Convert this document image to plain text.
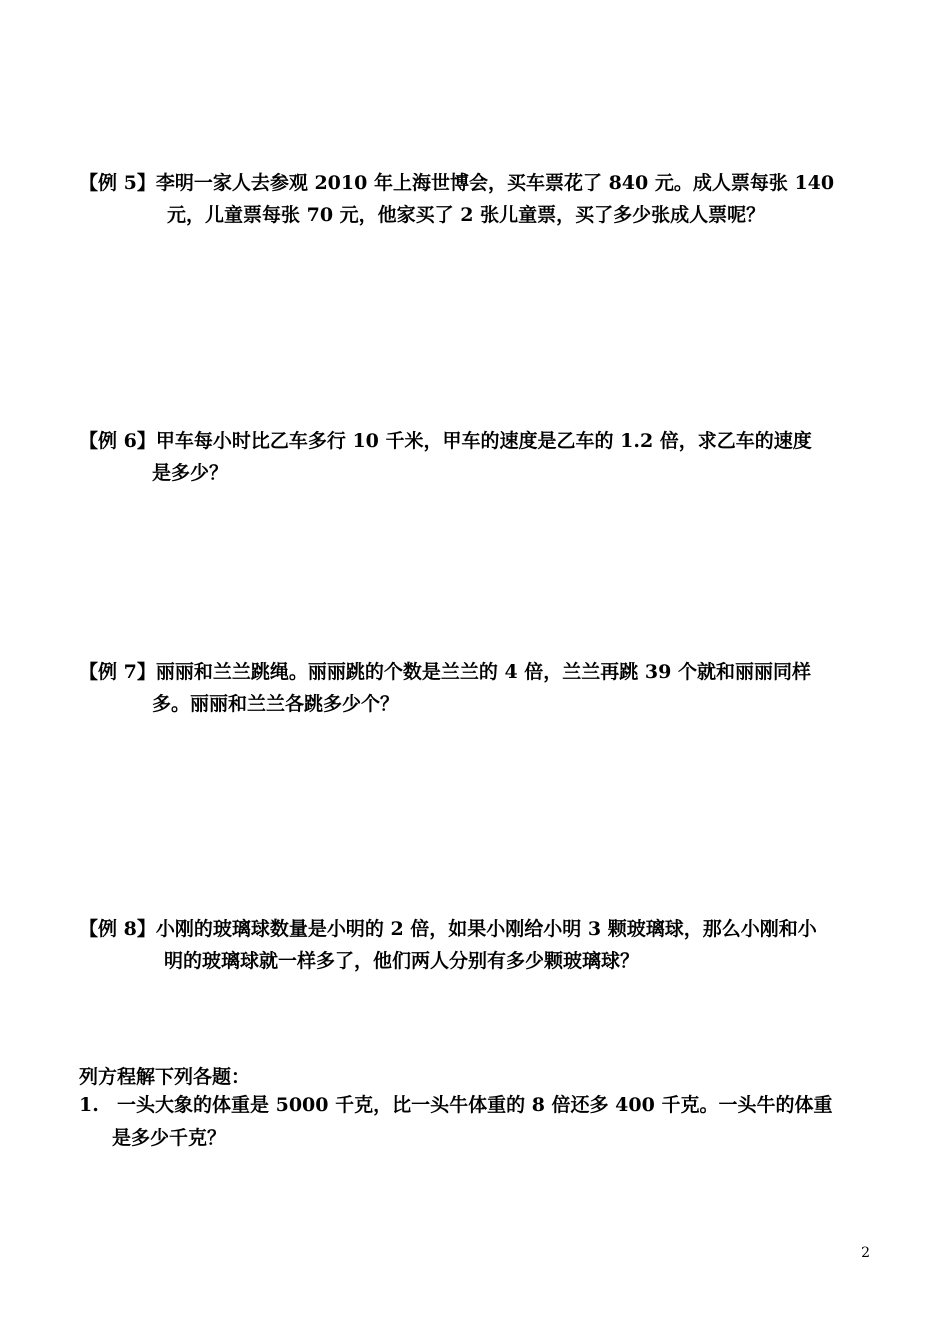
【例 5】李明一家人去参观 2010 年上海世博会，买车票花了 840 元。成人票每张 140
元，儿童票每张 70 元，他家买了 2 张儿童票，买了多少张成人票呢？
【例 6】甲车每小时比乙车多行 10 千米，甲车的速度是乙车的 1.2 倍，求乙车的速度
是多少？
【例 7】丽丽和兰兰跳绳。丽丽跳的个数是兰兰的 4 倍，兰兰再跳 39 个就和丽丽同样
多。丽丽和兰兰各跳多少个？
【例 8】小刚的玻璃球数量是小明的 2 倍，如果小刚给小明 3 颗玻璃球，那么小刚和小
明的玻璃球就一样多了，他们两人分别有多少颗玻璃球？
列方程解下列各题：
1. 一头大象的体重是 5000 千克，比一头牛体重的 8 倍还多 400 千克。一头牛的体重
是多少千克？
2
